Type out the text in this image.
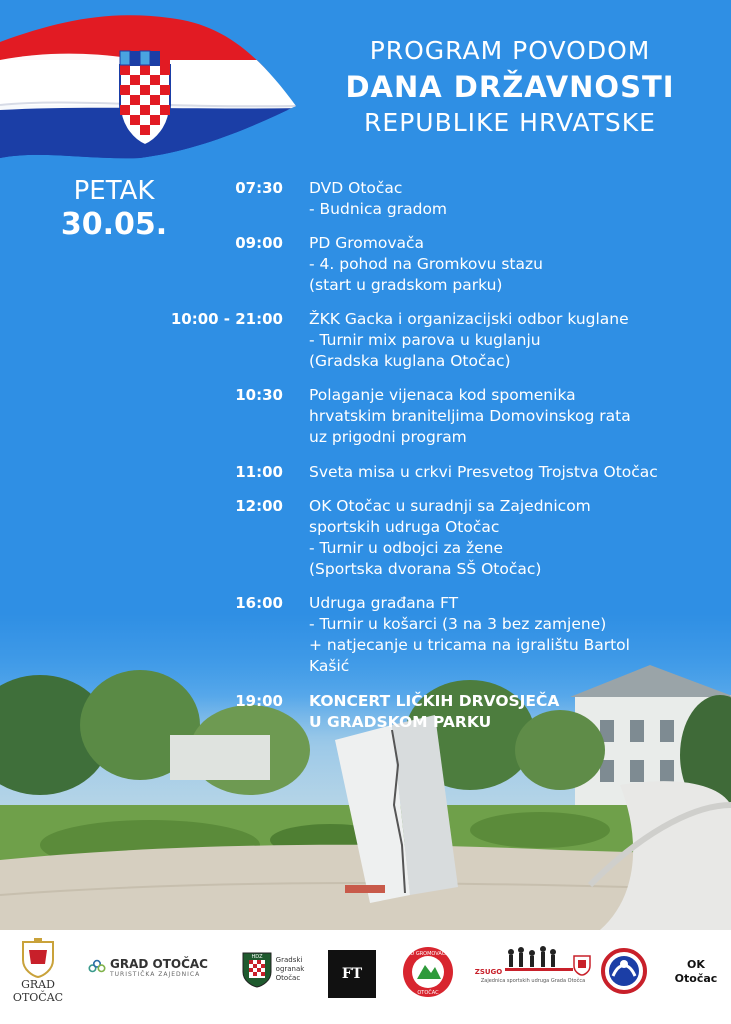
PROGRAM POVODOM
DANA DRŽAVNOSTI
REPUBLIKE HRVATSKE
PETAK
30.05.
07:30	DVD Otočac
- Budnica gradom
09:00	PD Gromovača
- 4. pohod na Gromkovu stazu
(start u gradskom parku)
10:00 - 21:00	ŽKK Gacka i organizacijski odbor kuglane
- Turnir mix parova u kuglanju
(Gradska kuglana Otočac)
10:30	Polaganje vijenaca kod spomenika
hrvatskim braniteljima Domovinskog rata
uz prigodni program
11:00	Sveta misa u crkvi Presvetog Trojstva Otočac
12:00	OK Otočac u suradnji sa Zajednicom
sportskih udruga Otočac
- Turnir u odbojci za žene
(Sportska dvorana SŠ Otočac)
16:00	Udruga građana FT
- Turnir u košarci (3 na 3 bez zamjene)
+ natjecanje u tricama na igralištu Bartol
Kašić
19:00	KONCERT LIČKIH DRVOSJEČA
U GRADSKOM PARKU
GRAD
OTOČAC
GRAD OTOČAC
TURISTIČKA ZAJEDNICA
HDZ Gradski
ogranak
Otočac	FT
PD GROMOVAČA
OTOČAC
ZSUGO
Zajednica sportskih udruga Grada Otočca
OK
Otočac
